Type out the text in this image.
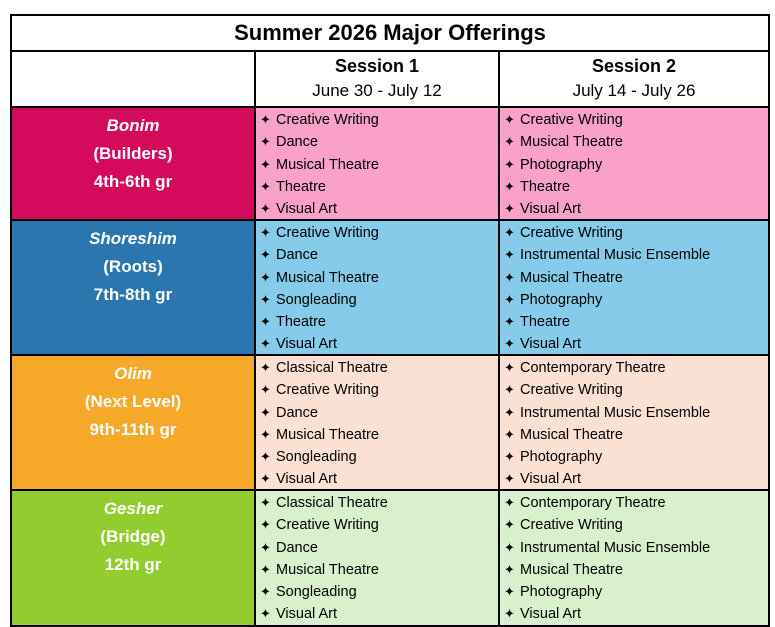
Summer 2026 Major Offerings
Session 1
June 30 - July 12
Session 2
July 14 - July 26
Bonim
(Builders)
4th-6th gr
✦ Creative Writing
✦ Dance
✦ Musical Theatre
✦ Theatre
✦ Visual Art
✦ Creative Writing
✦ Musical Theatre
✦ Photography
✦ Theatre
✦ Visual Art
Shoreshim
(Roots)
7th-8th gr
✦ Creative Writing
✦ Dance
✦ Musical Theatre
✦ Songleading
✦ Theatre
✦ Visual Art
✦ Creative Writing
✦ Instrumental Music Ensemble
✦ Musical Theatre
✦ Photography
✦ Theatre
✦ Visual Art
Olim
(Next Level)
9th-11th gr
✦ Classical Theatre
✦ Creative Writing
✦ Dance
✦ Musical Theatre
✦ Songleading
✦ Visual Art
✦ Contemporary Theatre
✦ Creative Writing
✦ Instrumental Music Ensemble
✦ Musical Theatre
✦ Photography
✦ Visual Art
Gesher
(Bridge)
12th gr
✦ Classical Theatre
✦ Creative Writing
✦ Dance
✦ Musical Theatre
✦ Songleading
✦ Visual Art
✦ Contemporary Theatre
✦ Creative Writing
✦ Instrumental Music Ensemble
✦ Musical Theatre
✦ Photography
✦ Visual Art
